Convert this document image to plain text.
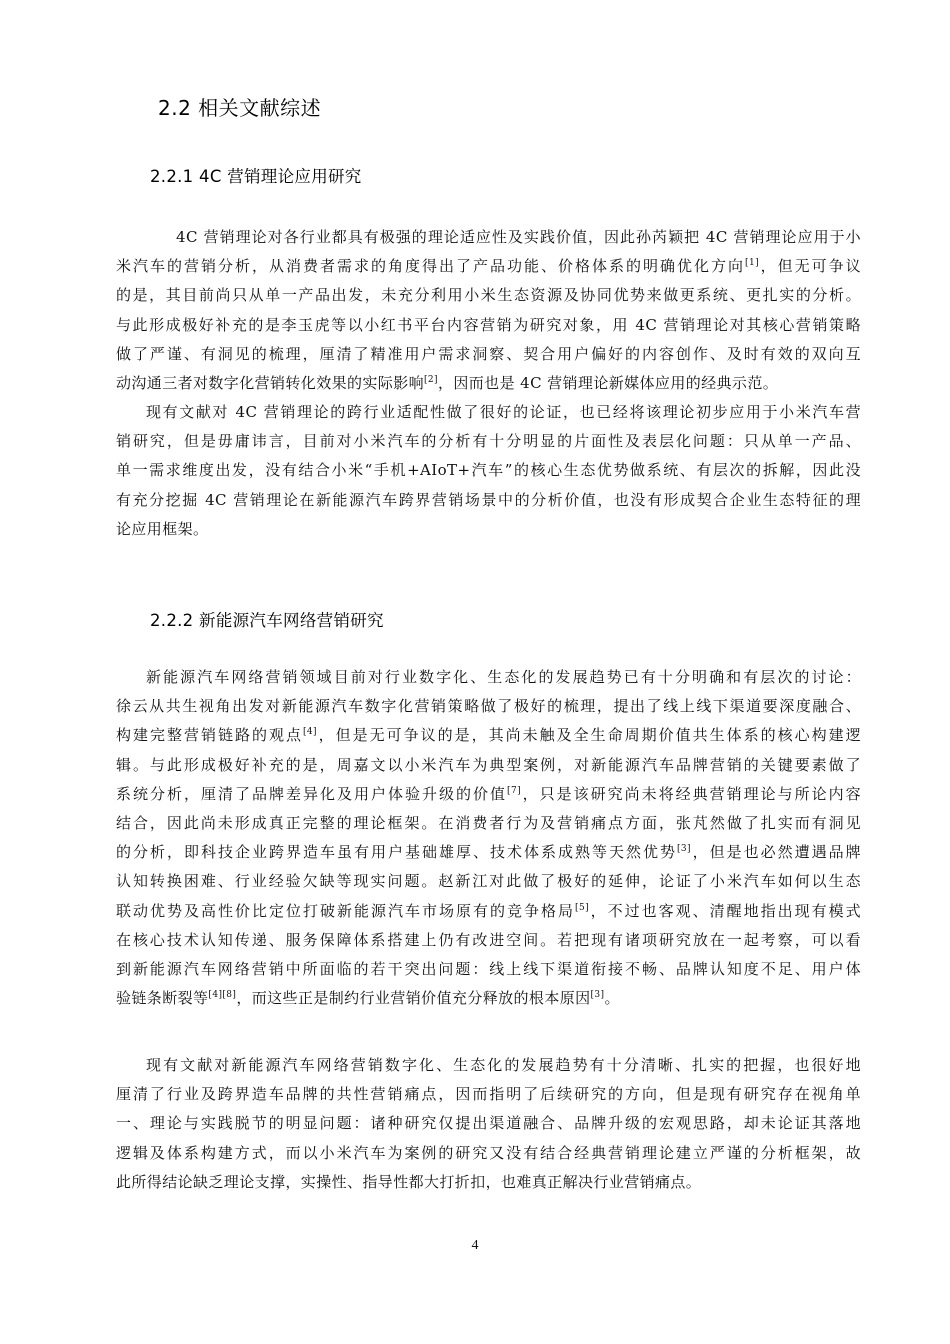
2.2 相关文献综述
2.2.1 4C 营销理论应用研究
4C 营销理论对各行业都具有极强的理论适应性及实践价值，因此孙芮颖把 4C 营销理论应用于小
米汽车的营销分析，从消费者需求的角度得出了产品功能、价格体系的明确优化方向[1]，但无可争议
的是，其目前尚只从单一产品出发，未充分利用小米生态资源及协同优势来做更系统、更扎实的分析。
与此形成极好补充的是李玉虎等以小红书平台内容营销为研究对象，用 4C 营销理论对其核心营销策略
做了严谨、有洞见的梳理，厘清了精准用户需求洞察、契合用户偏好的内容创作、及时有效的双向互
动沟通三者对数字化营销转化效果的实际影响[2]，因而也是 4C 营销理论新媒体应用的经典示范。
现有文献对 4C 营销理论的跨行业适配性做了很好的论证，也已经将该理论初步应用于小米汽车营
销研究，但是毋庸讳言，目前对小米汽车的分析有十分明显的片面性及表层化问题：只从单一产品、
单一需求维度出发，没有结合小米“手机+AIoT+汽车”的核心生态优势做系统、有层次的拆解，因此没
有充分挖掘 4C 营销理论在新能源汽车跨界营销场景中的分析价值，也没有形成契合企业生态特征的理
论应用框架。
2.2.2 新能源汽车网络营销研究
新能源汽车网络营销领域目前对行业数字化、生态化的发展趋势已有十分明确和有层次的讨论：
徐云从共生视角出发对新能源汽车数字化营销策略做了极好的梳理，提出了线上线下渠道要深度融合、
构建完整营销链路的观点[4]，但是无可争议的是，其尚未触及全生命周期价值共生体系的核心构建逻
辑。与此形成极好补充的是，周嘉文以小米汽车为典型案例，对新能源汽车品牌营销的关键要素做了
系统分析，厘清了品牌差异化及用户体验升级的价值[7]，只是该研究尚未将经典营销理论与所论内容
结合，因此尚未形成真正完整的理论框架。在消费者行为及营销痛点方面，张芃然做了扎实而有洞见
的分析，即科技企业跨界造车虽有用户基础雄厚、技术体系成熟等天然优势[3]，但是也必然遭遇品牌
认知转换困难、行业经验欠缺等现实问题。赵新江对此做了极好的延伸，论证了小米汽车如何以生态
联动优势及高性价比定位打破新能源汽车市场原有的竞争格局[5]，不过也客观、清醒地指出现有模式
在核心技术认知传递、服务保障体系搭建上仍有改进空间。若把现有诸项研究放在一起考察，可以看
到新能源汽车网络营销中所面临的若干突出问题：线上线下渠道衔接不畅、品牌认知度不足、用户体
验链条断裂等[4][8]，而这些正是制约行业营销价值充分释放的根本原因[3]。
现有文献对新能源汽车网络营销数字化、生态化的发展趋势有十分清晰、扎实的把握，也很好地
厘清了行业及跨界造车品牌的共性营销痛点，因而指明了后续研究的方向，但是现有研究存在视角单
一、理论与实践脱节的明显问题：诸种研究仅提出渠道融合、品牌升级的宏观思路，却未论证其落地
逻辑及体系构建方式，而以小米汽车为案例的研究又没有结合经典营销理论建立严谨的分析框架，故
此所得结论缺乏理论支撑，实操性、指导性都大打折扣，也难真正解决行业营销痛点。
4
